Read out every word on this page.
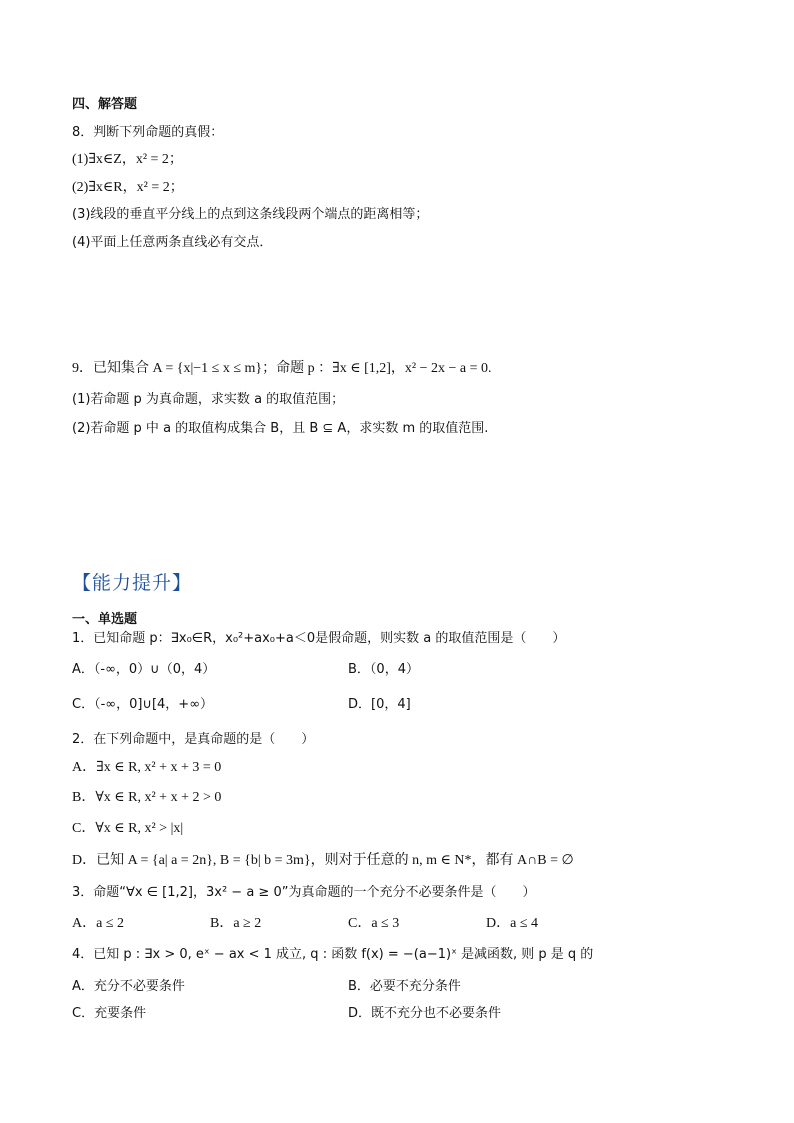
四、解答题
8．判断下列命题的真假：
(1)∃x∈Z，x² = 2；
(2)∃x∈R，x² = 2；
(3)线段的垂直平分线上的点到这条线段两个端点的距离相等；
(4)平面上任意两条直线必有交点．
9．已知集合 A = {x|−1 ≤ x ≤ m}；命题 p ：∃x ∈ [1,2]，x² − 2x − a = 0.
(1)若命题 p 为真命题，求实数 a 的取值范围；
(2)若命题 p 中 a 的取值构成集合 B，且 B ⊆ A，求实数 m 的取值范围.
【能力提升】
一、单选题
1．已知命题 p：∃x₀∈R，x₀²+ax₀+a＜0是假命题，则实数 a 的取值范围是（　　）
A．（-∞，0）∪（0，4）	B．（0，4）
C．（-∞，0]∪[4，+∞）	D．[0，4]
2．在下列命题中，是真命题的是（　　）
A．∃x ∈ R, x² + x + 3 = 0
B．∀x ∈ R, x² + x + 2 > 0
C．∀x ∈ R, x² > |x|
D．已知 A = {a| a = 2n}, B = {b| b = 3m}，则对于任意的 n, m ∈ N*，都有 A∩B = ∅
3．命题“∀x ∈ [1,2]，3x² − a ≥ 0”为真命题的一个充分不必要条件是（　　）
A．a ≤ 2	B．a ≥ 2	C．a ≤ 3	D．a ≤ 4
4．已知 p : ∃x > 0, eˣ − ax < 1 成立, q : 函数 f(x) = −(a−1)ˣ 是减函数, 则 p 是 q 的
A．充分不必要条件	B．必要不充分条件
C．充要条件	D．既不充分也不必要条件
